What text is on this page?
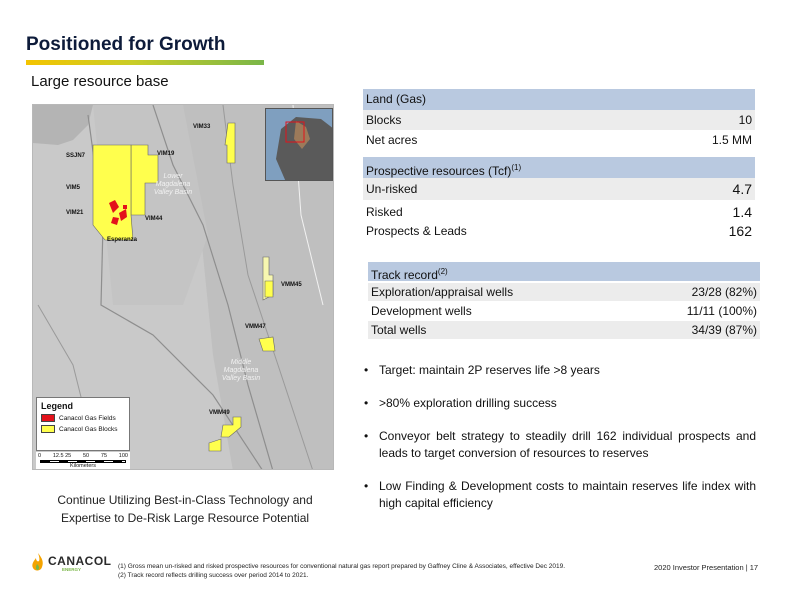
Positioned for Growth
Large resource base
SSJN7	VIM19
VIM5
VIM21
VIM44
Esperanza
VIM33
VMM45
VMM47
VMM49
Lower Magdalena Valley Basin
Middle Magdalena Valley Basin
Legend
Canacol Gas Fields
Canacol Gas Blocks
0 12.5 25 50 75 100
Kilometers
Continue Utilizing Best-in-Class Technology and Expertise to De-Risk Large Resource Potential
Land (Gas)
Blocks	10
Net acres	1.5 MM
Prospective resources (Tcf)$^{(1)}$
Un-risked	4.7
Risked	1.4
Prospects & Leads	162
Track record$^{(2)}$
Exploration/appraisal wells	23/28 (82%)
Development wells	11/11 (100%)
Total wells	34/39 (87%)
• Target: maintain 2P reserves life >8 years
• >80% exploration drilling success
• Conveyor belt strategy to steadily drill 162 individual prospects and leads to target conversion of resources to reserves
• Low Finding & Development costs to maintain reserves life index with high capital efficiency
CANACOL
ENERGY	(1) Gross mean un-risked and risked prospective resources for conventional natural gas report prepared by Gaffney Cline & Associates, effective Dec 2019.
(2) Track record reflects drilling success over period 2014 to 2021.
2020 Investor Presentation | 17
